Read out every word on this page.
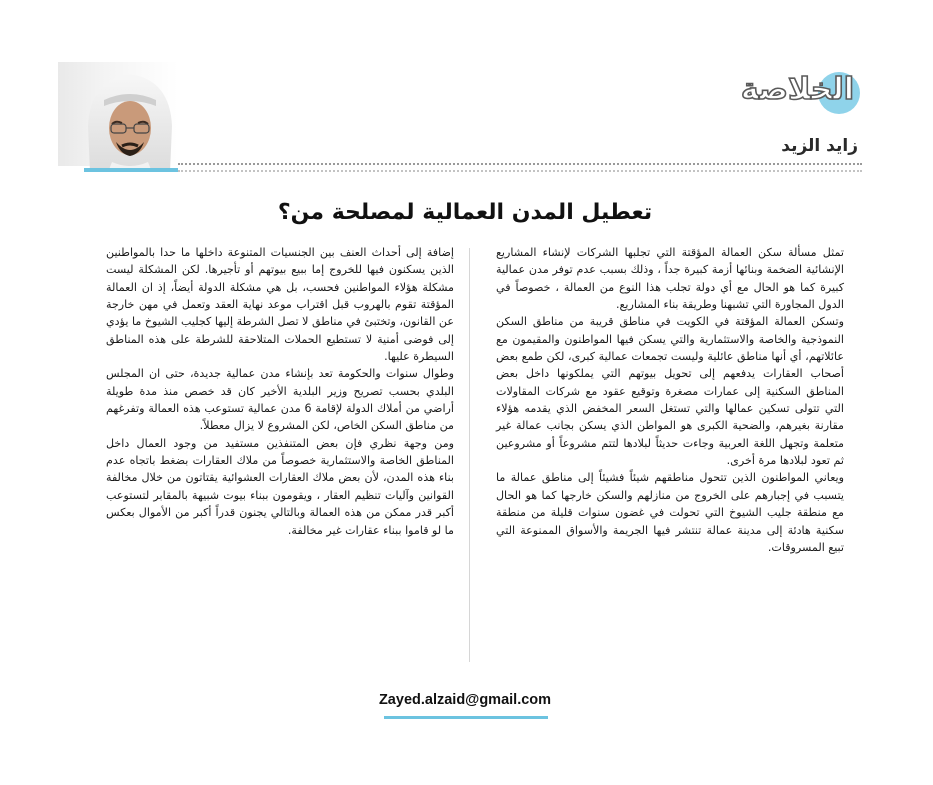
الخلاصة
زايد الزيد
تعطيل المدن العمالية لمصلحة من؟

تمثل مسألة سكن العمالة المؤقتة التي تجلبها الشركات لإنشاء المشاريع الإنشائية الضخمة وبنائها أزمة كبيرة جداً ، وذلك بسبب عدم توفر مدن عمالية كبيرة كما هو الحال مع أي دولة تجلب هذا النوع من العمالة ، خصوصاً في الدول المجاورة التي تشبهنا وطريقة بناء المشاريع.

وتسكن العمالة المؤقتة في الكويت في مناطق قريبة من مناطق السكن النموذجية والخاصة والاستثمارية والتي يسكن فيها المواطنون والمقيمون مع عائلاتهم، أي أنها مناطق عائلية وليست تجمعات عمالية كبرى، لكن طمع بعض أصحاب العقارات يدفعهم إلى تحويل بيوتهم التي يملكونها داخل بعض المناطق السكنية إلى عمارات مصغرة وتوقيع عقود مع شركات المقاولات التي تتولى تسكين عمالها والتي تستغل السعر المخفض الذي يقدمه هؤلاء مقارنة بغيرهم، والضحية الكبرى هو المواطن الذي يسكن بجانب عمالة غير متعلمة وتجهل اللغة العربية وجاءت حديثاً لبلادها لتتم مشروعاً أو مشروعين ثم تعود لبلادها مرة أخرى.

ويعاني المواطنون الذين تتحول مناطقهم شيئاً فشيئاً إلى مناطق عمالة ما يتسبب في إجبارهم على الخروج من منازلهم والسكن خارجها كما هو الحال مع منطقة جليب الشيوخ التي تحولت في غضون سنوات قليلة من منطقة سكنية هادئة إلى مدينة عمالة تنتشر فيها الجريمة والأسواق الممنوعة التي تبيع المسروقات.

إضافة إلى أحداث العنف بين الجنسيات المتنوعة داخلها ما حدا بالمواطنين الذين يسكنون فيها للخروج إما ببيع بيوتهم أو تأجيرها. لكن المشكلة ليست مشكلة هؤلاء المواطنين فحسب، بل هي مشكلة الدولة أيضاً، إذ ان العمالة المؤقتة تقوم بالهروب قبل اقتراب موعد نهاية العقد وتعمل في مهن خارجة عن القانون، وتختبئ في مناطق لا تصل الشرطة إليها كجليب الشيوخ ما يؤدي إلى فوضى أمنية لا تستطيع الحملات المتلاحقة للشرطة على هذه المناطق السيطرة عليها.

وطوال سنوات والحكومة تعد بإنشاء مدن عمالية جديدة، حتى ان المجلس البلدي بحسب تصريح وزير البلدية الأخير كان قد خصص منذ مدة طويلة أراضي من أملاك الدولة لإقامة 6 مدن عمالية تستوعب هذه العمالة وتفرغهم من مناطق السكن الخاص، لكن المشروع لا يزال معطلاً.

ومن وجهة نظري فإن بعض المتنفذين مستفيد من وجود العمال داخل المناطق الخاصة والاستثمارية خصوصاً من ملاك العقارات بضغط باتجاه عدم بناء هذه المدن، لأن بعض ملاك العقارات العشوائية يقتاتون من خلال مخالفة القوانين وآليات تنظيم العقار ، ويقومون ببناء بيوت شبيهة بالمقابر لتستوعب أكبر قدر ممكن من هذه العمالة وبالتالي يجنون قدراً أكبر من الأموال بعكس ما لو قاموا ببناء عقارات غير مخالفة.

Zayed.alzaid@gmail.com
